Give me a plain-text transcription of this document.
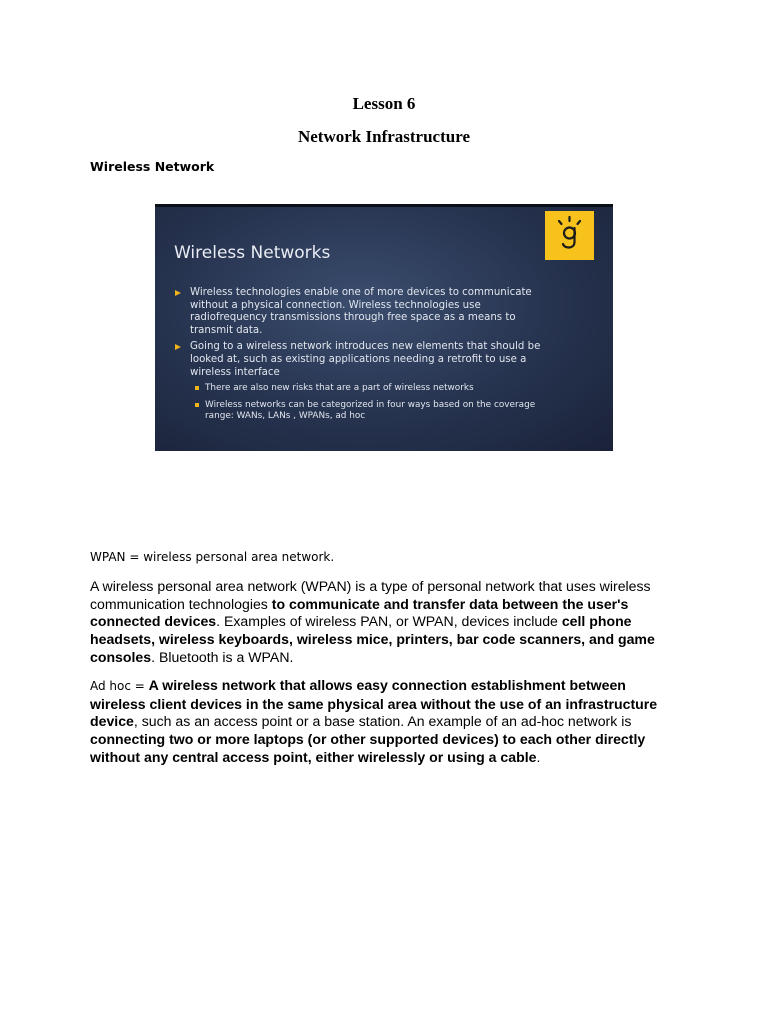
Lesson 6
Network Infrastructure

Wireless Network

Wireless Networks
Wireless technologies enable one of more devices to communicate without a physical connection. Wireless technologies use radiofrequency transmissions through free space as a means to transmit data.
Going to a wireless network introduces new elements that should be looked at, such as existing applications needing a retrofit to use a wireless interface
There are also new risks that are a part of wireless networks
Wireless networks can be categorized in four ways based on the coverage range: WANs, LANs , WPANs, ad hoc

WPAN = wireless personal area network.

A wireless personal area network (WPAN) is a type of personal network that uses wireless communication technologies to communicate and transfer data between the user's connected devices. Examples of wireless PAN, or WPAN, devices include cell phone headsets, wireless keyboards, wireless mice, printers, bar code scanners, and game consoles. Bluetooth is a WPAN.

Ad hoc = A wireless network that allows easy connection establishment between wireless client devices in the same physical area without the use of an infrastructure device, such as an access point or a base station. An example of an ad-hoc network is connecting two or more laptops (or other supported devices) to each other directly without any central access point, either wirelessly or using a cable.
